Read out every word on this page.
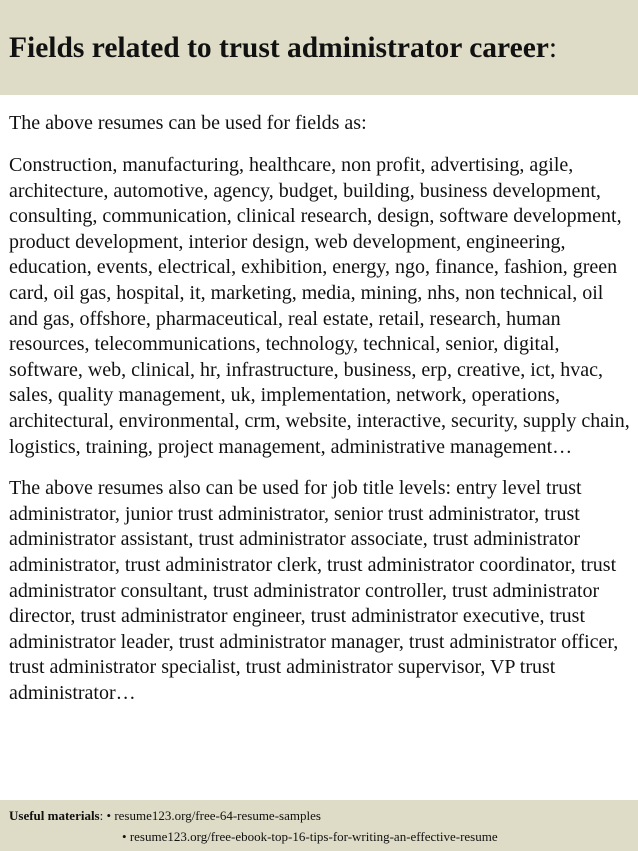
Fields related to trust administrator career:

The above resumes can be used for fields as:

Construction, manufacturing, healthcare, non profit, advertising, agile, architecture, automotive, agency, budget, building, business development, consulting, communication, clinical research, design, software development, product development, interior design, web development, engineering, education, events, electrical, exhibition, energy, ngo, finance, fashion, green card, oil gas, hospital, it, marketing, media, mining, nhs, non technical, oil and gas, offshore, pharmaceutical, real estate, retail, research, human resources, telecommunications, technology, technical, senior, digital, software, web, clinical, hr, infrastructure, business, erp, creative, ict, hvac, sales, quality management, uk, implementation, network, operations, architectural, environmental, crm, website, interactive, security, supply chain, logistics, training, project management, administrative management…

The above resumes also can be used for job title levels: entry level trust administrator, junior trust administrator, senior trust administrator, trust administrator assistant, trust administrator associate, trust administrator administrator, trust administrator clerk, trust administrator coordinator, trust administrator consultant, trust administrator controller, trust administrator director, trust administrator engineer, trust administrator executive, trust administrator leader, trust administrator manager, trust administrator officer, trust administrator specialist, trust administrator supervisor, VP trust administrator…

Useful materials: • resume123.org/free-64-resume-samples
• resume123.org/free-ebook-top-16-tips-for-writing-an-effective-resume
